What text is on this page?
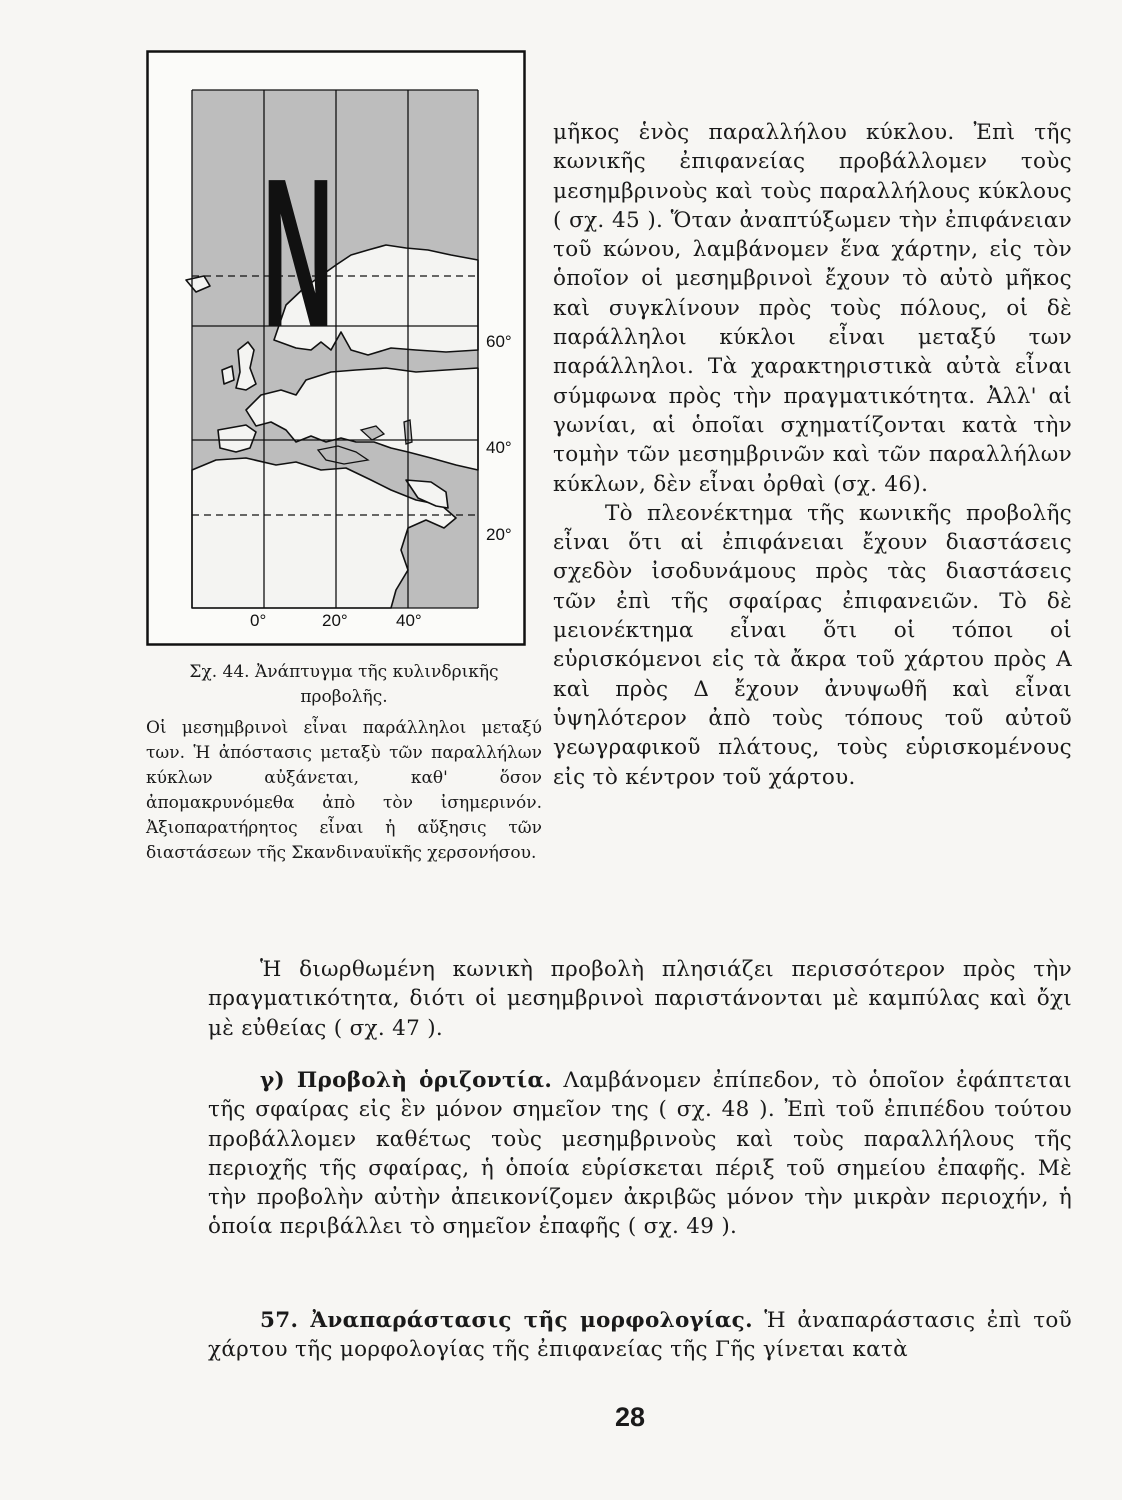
N	60°
40°
20°
0°	20°	40°

Σχ. 44. Ἀνάπτυγμα τῆς κυλινδρικῆς

προβολῆς.

Οἱ μεσημβρινοὶ εἶναι παράλληλοι μεταξύ των. Ἡ ἀπόστασις μεταξὺ τῶν παραλλήλων κύκλων αὐξάνεται, καθ' ὅσον ἀπομακρυνόμεθα ἀπὸ τὸν ἰσημερινόν. Ἀξιοπαρατήρητος εἶναι ἡ αὔξησις τῶν διαστάσεων τῆς Σκανδιναυϊκῆς χερσονήσου.

μῆκος ἑνὸς παραλλήλου κύκλου. Ἐπὶ τῆς κωνικῆς ἐπιφανείας προβάλλομεν τοὺς μεσημβρινοὺς καὶ τοὺς παραλλήλους κύκλους ( σχ. 45 ). Ὅταν ἀναπτύξωμεν τὴν ἐπιφάνειαν τοῦ κώνου, λαμβάνομεν ἕνα χάρτην, εἰς τὸν ὁποῖον οἱ μεσημβρινοὶ ἔχουν τὸ αὐτὸ μῆκος καὶ συγκλίνουν πρὸς τοὺς πόλους, οἱ δὲ παράλληλοι κύκλοι εἶναι μεταξύ των παράλληλοι. Τὰ χαρακτηριστικὰ αὐτὰ εἶναι σύμφωνα πρὸς τὴν πραγματικότητα. Ἀλλ' αἱ γωνίαι, αἱ ὁποῖαι σχηματίζονται κατὰ τὴν τομὴν τῶν μεσημβρινῶν καὶ τῶν παραλλήλων κύκλων, δὲν εἶναι ὀρθαὶ (σχ. 46).

Τὸ πλεονέκτημα τῆς κωνικῆς προβολῆς εἶναι ὅτι αἱ ἐπιφάνειαι ἔχουν διαστάσεις σχεδὸν ἰσοδυνάμους πρὸς τὰς διαστάσεις τῶν ἐπὶ τῆς σφαίρας ἐπιφανειῶν. Τὸ δὲ μειονέκτημα εἶναι ὅτι οἱ τόποι οἱ εὑρισκόμενοι εἰς τὰ ἄκρα τοῦ χάρτου πρὸς Α καὶ πρὸς Δ ἔχουν ἀνυψωθῆ καὶ εἶναι ὑψηλότερον ἀπὸ τοὺς τόπους τοῦ αὐτοῦ γεωγραφικοῦ πλάτους, τοὺς εὑρισκομένους εἰς τὸ κέντρον τοῦ χάρτου.

Ἡ διωρθωμένη κωνικὴ προβολὴ πλησιάζει περισσότερον πρὸς τὴν πραγματικότητα, διότι οἱ μεσημβρινοὶ παριστάνονται μὲ καμπύλας καὶ ὄχι μὲ εὐθείας ( σχ. 47 ).

γ) Προβολὴ ὁριζοντία. Λαμβάνομεν ἐπίπεδον, τὸ ὁποῖον ἐφάπτεται τῆς σφαίρας εἰς ἓν μόνον σημεῖον της ( σχ. 48 ). Ἐπὶ τοῦ ἐπιπέδου τούτου προβάλλομεν καθέτως τοὺς μεσημβρινοὺς καὶ τοὺς παραλλήλους τῆς περιοχῆς τῆς σφαίρας, ἡ ὁποία εὑρίσκεται πέριξ τοῦ σημείου ἐπαφῆς. Μὲ τὴν προβολὴν αὐτὴν ἀπεικονίζομεν ἀκριβῶς μόνον τὴν μικρὰν περιοχήν, ἡ ὁποία περιβάλλει τὸ σημεῖον ἐπαφῆς ( σχ. 49 ).

57. Ἀναπαράστασις τῆς μορφολογίας. Ἡ ἀναπαράστασις ἐπὶ τοῦ χάρτου τῆς μορφολογίας τῆς ἐπιφανείας τῆς Γῆς γίνεται κατὰ

28
